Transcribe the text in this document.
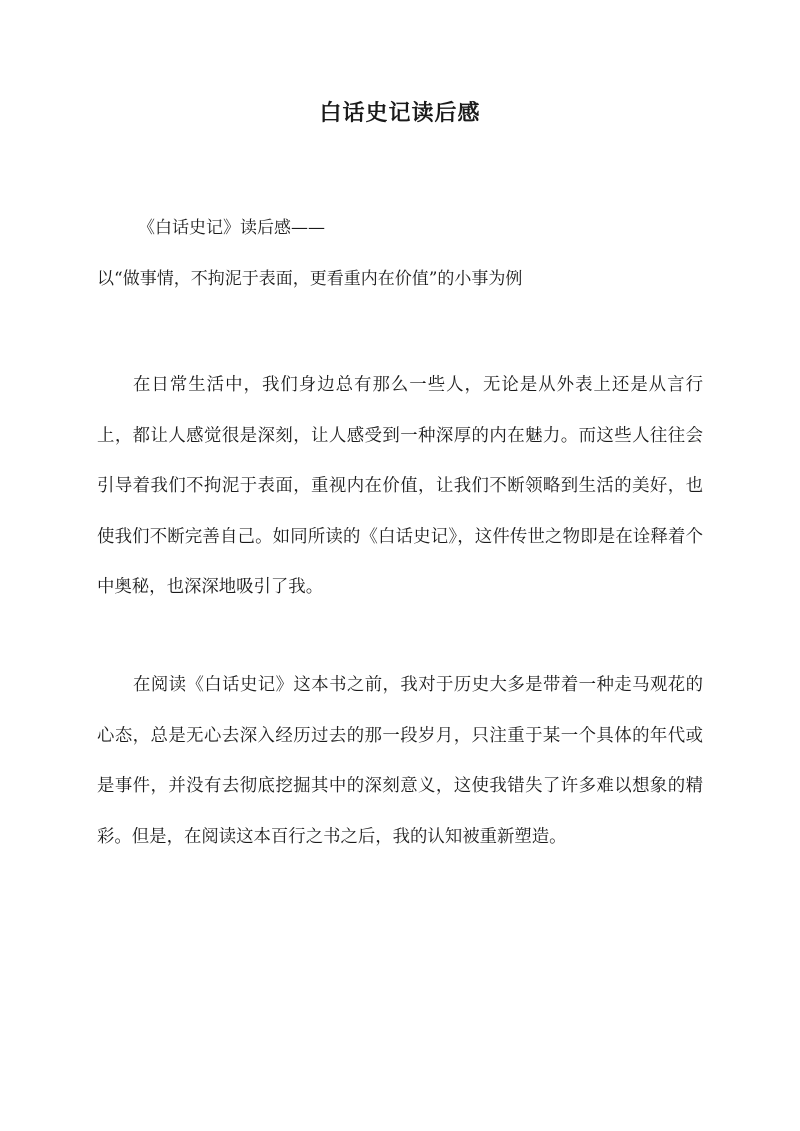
白话史记读后感

《白话史记》读后感——

以“做事情，不拘泥于表面，更看重内在价值”的小事为例

在日常生活中，我们身边总有那么一些人，无论是从外表上还是从言行上，都让人感觉很是深刻，让人感受到一种深厚的内在魅力。而这些人往往会引导着我们不拘泥于表面，重视内在价值，让我们不断领略到生活的美好，也使我们不断完善自己。如同所读的《白话史记》，这件传世之物即是在诠释着个中奥秘，也深深地吸引了我。

在阅读《白话史记》这本书之前，我对于历史大多是带着一种走马观花的心态，总是无心去深入经历过去的那一段岁月，只注重于某一个具体的年代或是事件，并没有去彻底挖掘其中的深刻意义，这使我错失了许多难以想象的精彩。但是，在阅读这本百行之书之后，我的认知被重新塑造。
